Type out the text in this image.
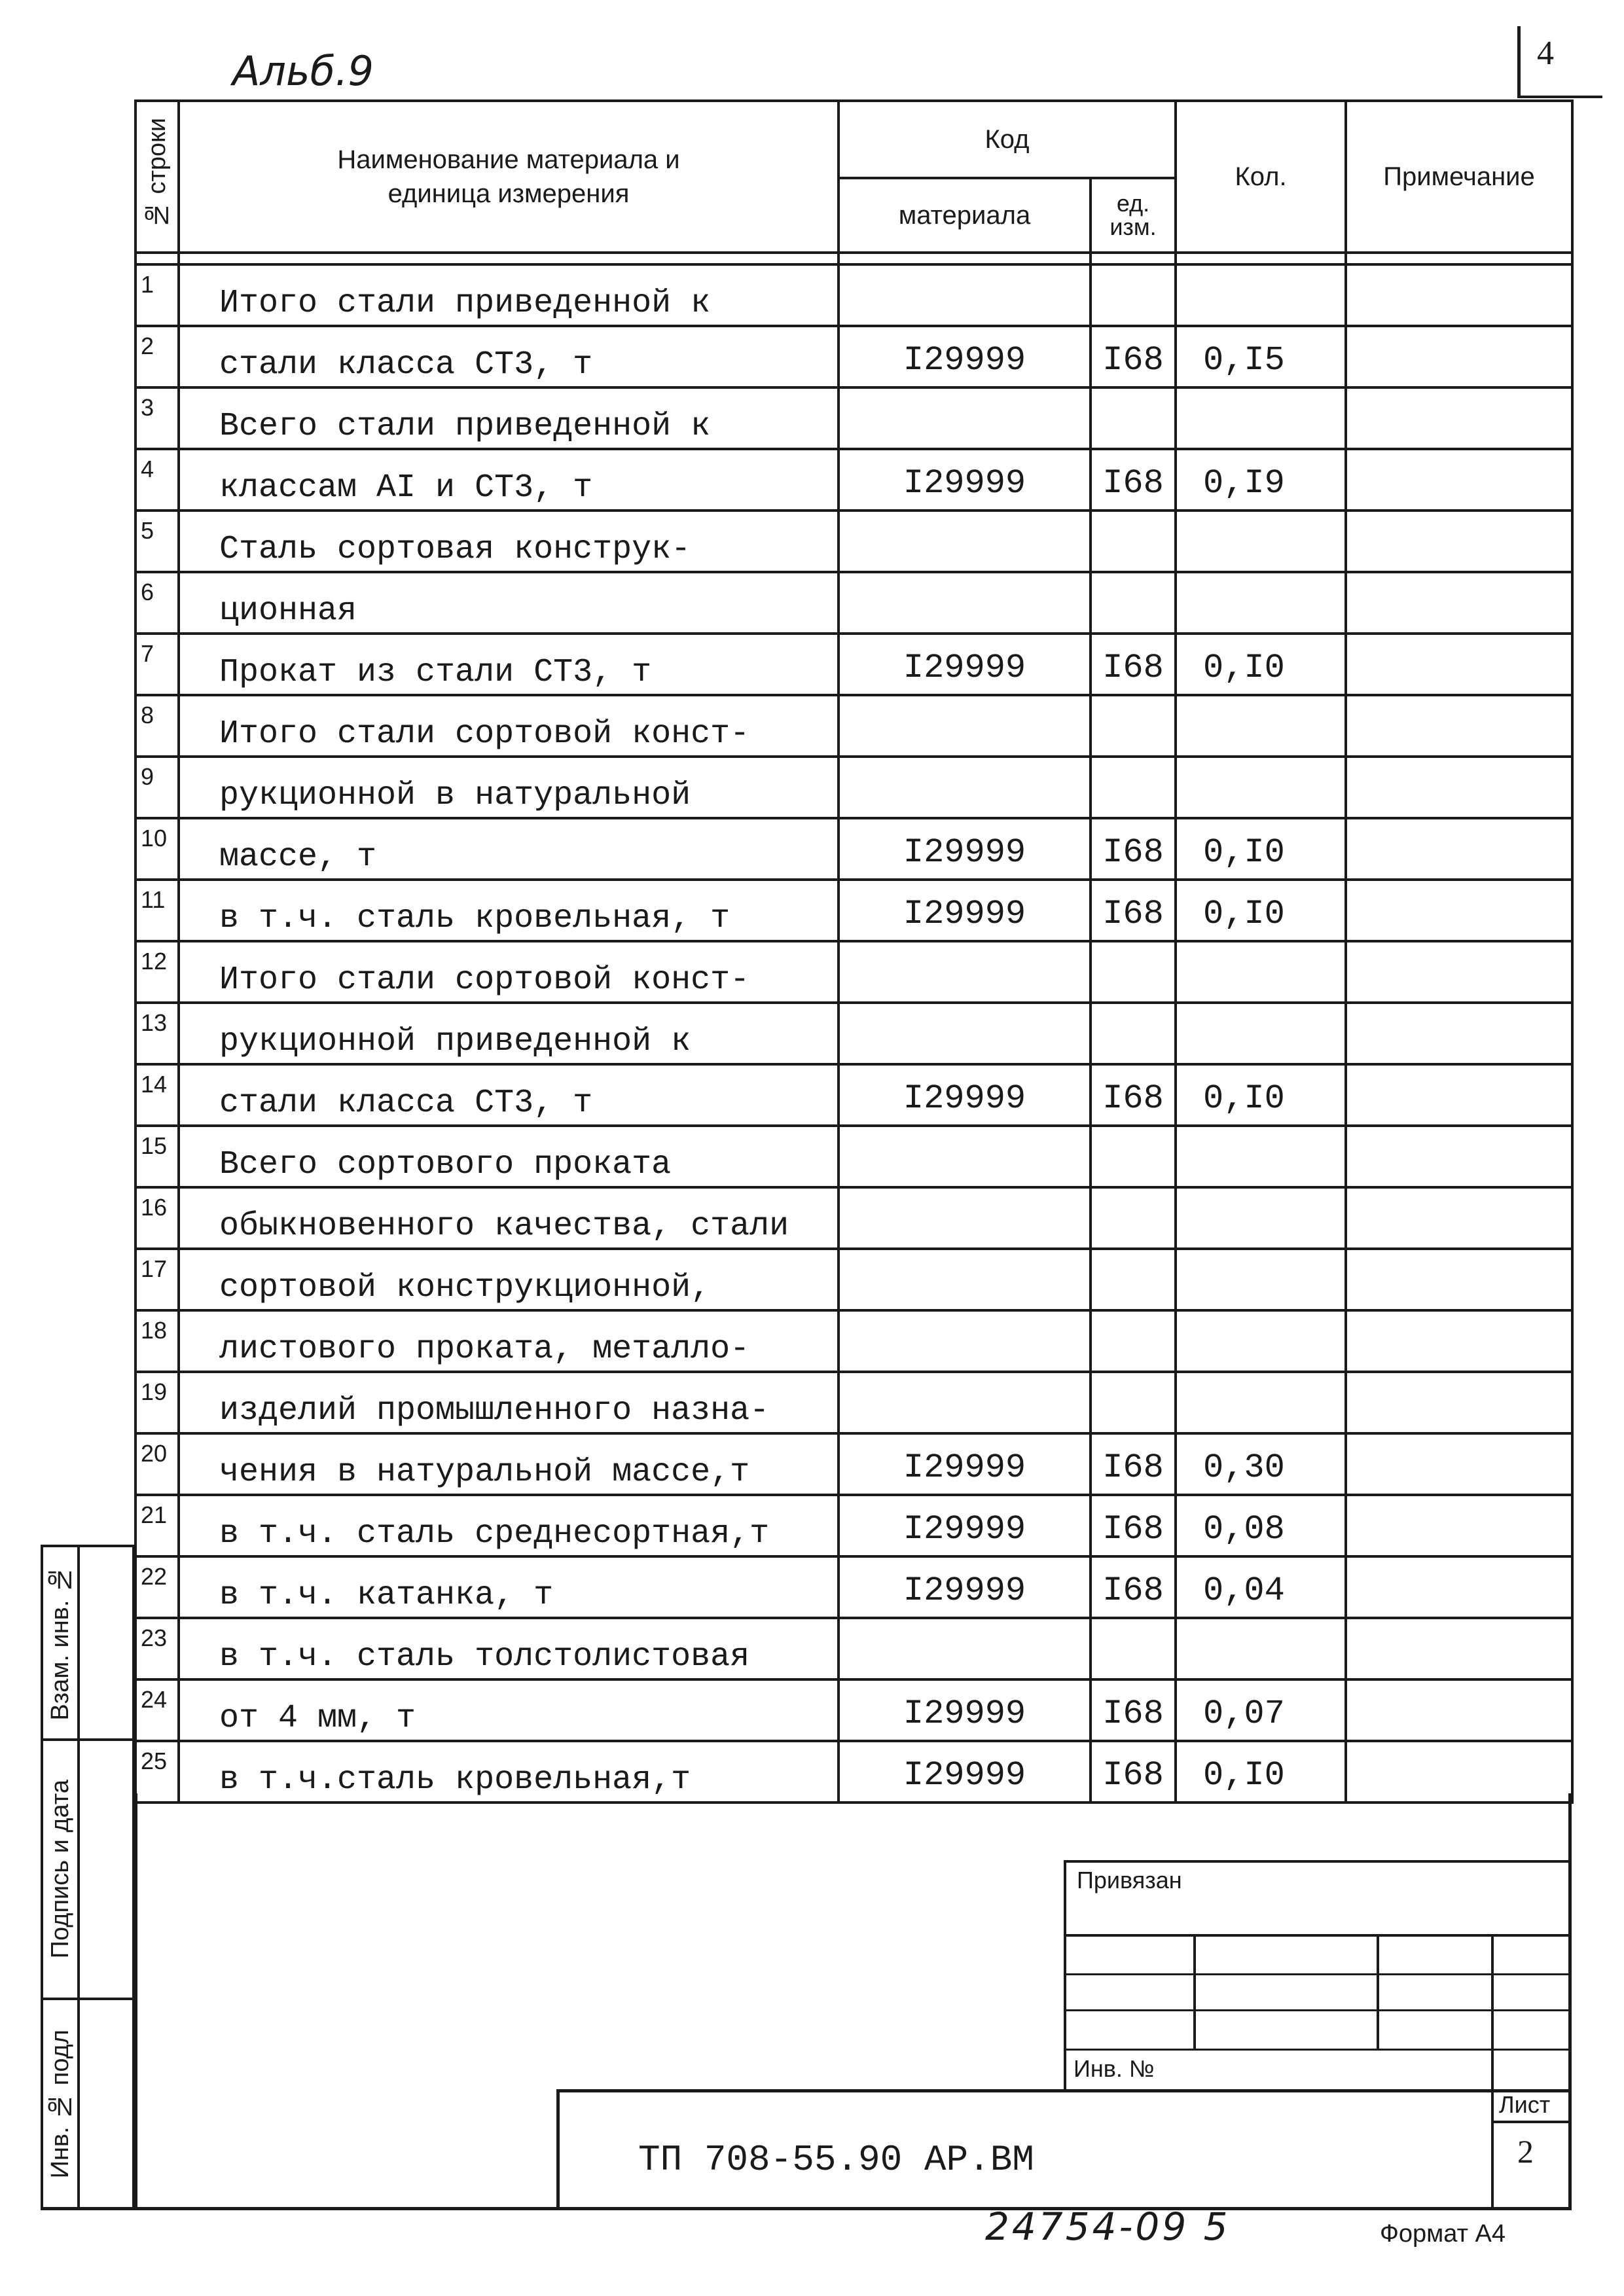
Альб.9	4
№ строки	Наименование материала и единица измерения	Код		Кол.	Примечание
		материала	ед. изм.		

1	Итого стали приведенной к				

2	стали класса СТ3, т	I29999	I68	0,I5	

3	Всего стали приведенной к				

4	классам АI и СТ3, т	I29999	I68	0,I9	

5	Сталь сортовая конструк-				

6	ционная				

7	Прокат из стали СТ3, т	I29999	I68	0,I0	

8	Итого стали сортовой конст-				

9	рукционной в натуральной				

10	массе, т	I29999	I68	0,I0	

11	в т.ч. сталь кровельная, т	I29999	I68	0,I0	

12	Итого стали сортовой конст-				

13	рукционной приведенной к				

14	стали класса СТ3, т	I29999	I68	0,I0	

15	Всего сортового проката				

16	обыкновенного качества, стали				

17	сортовой конструкционной,				

18	листового проката, металло-				

19	изделий промышленного назна-				

20	чения в натуральной массе,т	I29999	I68	0,30	

21	в т.ч. сталь среднесортная,т	I29999	I68	0,08	

22	в т.ч. катанка, т	I29999	I68	0,04	

23	в т.ч. сталь толстолистовая				

24	от 4 мм, т	I29999	I68	0,07	

25	в т.ч.сталь кровельная,т	I29999	I68	0,I0	
Привязан
Инв. №
ТП 708-55.90 АР.ВМ
Лист
2
Взам. инв. №
Подпись и дата
Инв. № подл
24754-09 5	Формат А4
